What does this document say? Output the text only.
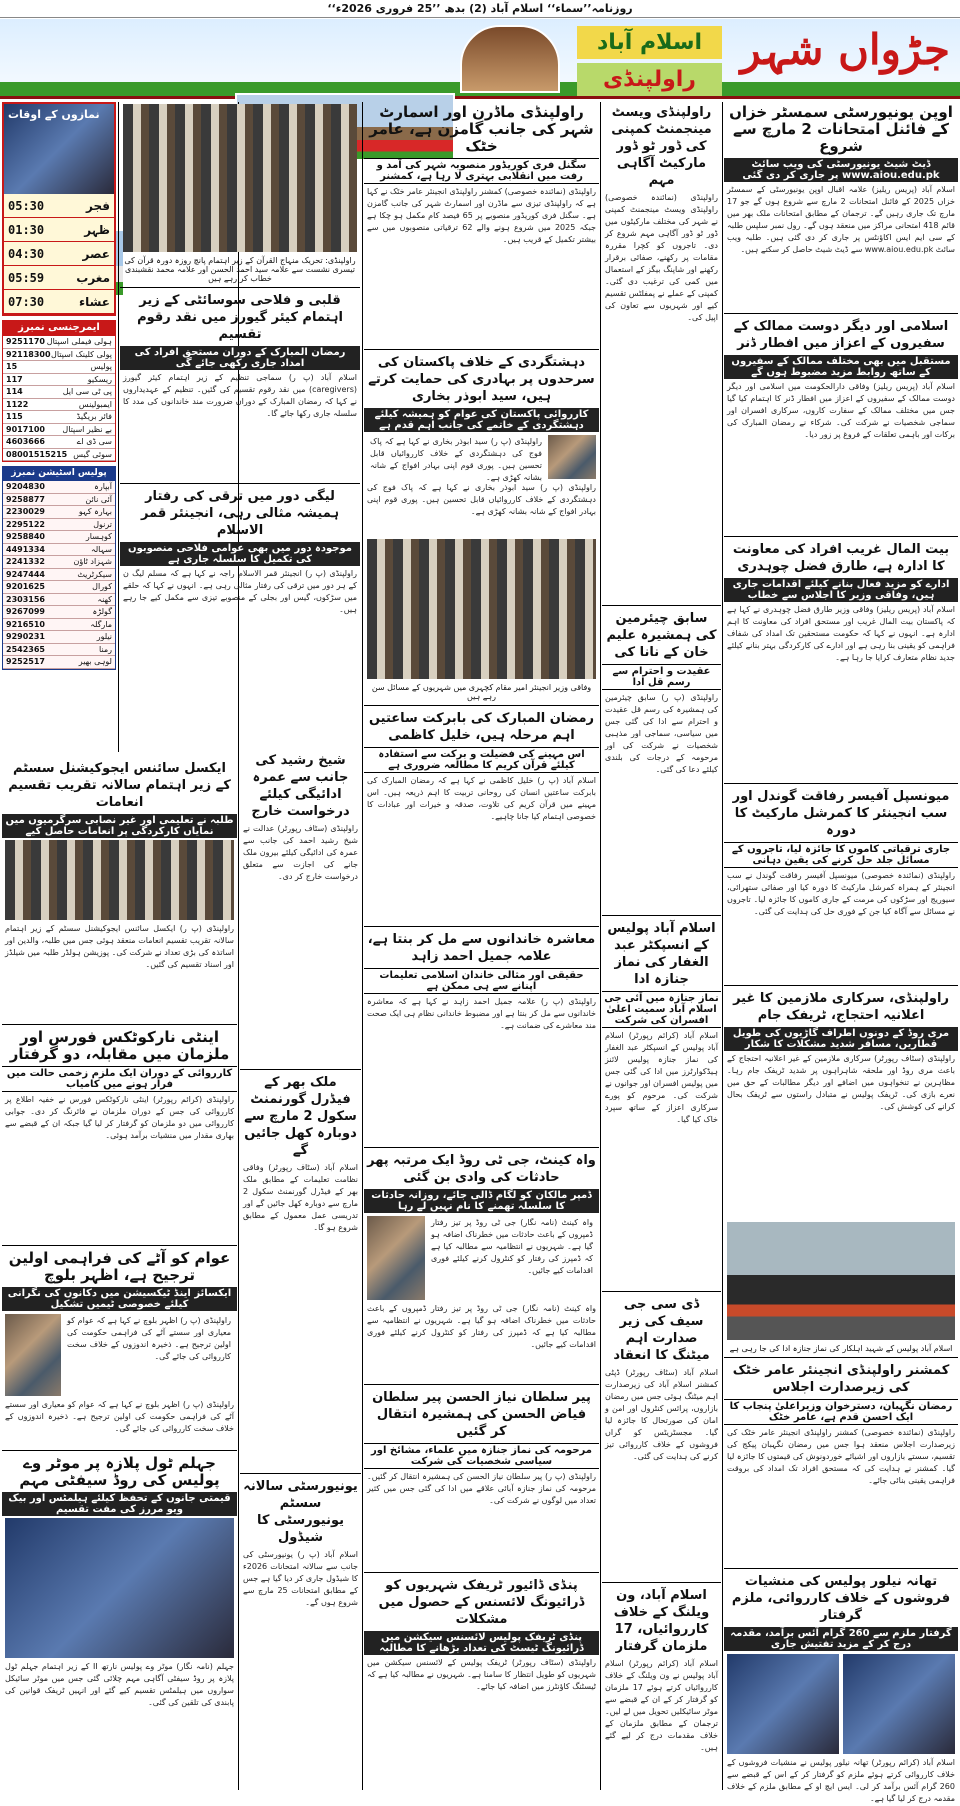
روزنامہ’’سماء‘‘ اسلام آباد (2) بدھ ’’25 فروری 2026ء‘‘
جڑواں شہر
اسلام آباد
راولپنڈی
اوپن یونیورسٹی سمسٹر خزاں کے فائنل امتحانات 2 مارچ سے شروع
ڈیٹ شیٹ یونیورسٹی کی ویب سائٹ www.aiou.edu.pk پر جاری کر دی گئی
اسلام آباد (پریس ریلیز) علامہ اقبال اوپن یونیورسٹی کے سمسٹر خزاں 2025 کے فائنل امتحانات 2 مارچ سے شروع ہوں گے جو 17 مارچ تک جاری رہیں گے۔ ترجمان کے مطابق امتحانات ملک بھر میں قائم 418 امتحانی مراکز میں منعقد ہوں گے۔ رول نمبر سلپس طلبہ کے سی ایم ایس اکاؤنٹس پر جاری کر دی گئی ہیں۔ طلبہ ویب سائٹ www.aiou.edu.pk سے ڈیٹ شیٹ حاصل کر سکتے ہیں۔
اسلامی اور دیگر دوست ممالک کے سفیروں کے اعزاز میں افطار ڈنر
مستقبل میں بھی مختلف ممالک کے سفیروں کے ساتھ روابط مزید مضبوط ہوں گے
اسلام آباد (پریس ریلیز) وفاقی دارالحکومت میں اسلامی اور دیگر دوست ممالک کے سفیروں کے اعزاز میں افطار ڈنر کا اہتمام کیا گیا جس میں مختلف ممالک کے سفارت کاروں، سرکاری افسران اور سماجی شخصیات نے شرکت کی۔ شرکاء نے رمضان المبارک کی برکات اور باہمی تعلقات کے فروغ پر زور دیا۔
بیت المال غریب افراد کی معاونت کا ادارہ ہے، طارق فضل چوہدری
ادارے کو مزید فعال بنانے کیلئے اقدامات جاری ہیں، وفاقی وزیر کا اجلاس سے خطاب
اسلام آباد (پریس ریلیز) وفاقی وزیر طارق فضل چوہدری نے کہا ہے کہ پاکستان بیت المال غریب اور مستحق افراد کی معاونت کا اہم ادارہ ہے۔ انہوں نے کہا کہ حکومت مستحقین تک امداد کی شفاف فراہمی کو یقینی بنا رہی ہے اور ادارے کی کارکردگی بہتر بنانے کیلئے جدید نظام متعارف کرایا جا رہا ہے۔
میونسپل آفیسر رفاقت گوندل اور سب انجینئر کا کمرشل مارکیٹ کا دورہ
جاری ترقیاتی کاموں کا جائزہ لیا، تاجروں کے مسائل جلد حل کرنے کی یقین دہانی
راولپنڈی (نمائندہ خصوصی) میونسپل آفیسر رفاقت گوندل نے سب انجینئر کے ہمراہ کمرشل مارکیٹ کا دورہ کیا اور صفائی ستھرائی، سیوریج اور سڑکوں کی مرمت کے جاری کاموں کا جائزہ لیا۔ تاجروں نے مسائل سے آگاہ کیا جن کے فوری حل کی ہدایت کی گئی۔
راولپنڈی، سرکاری ملازمین کا غیر اعلانیہ احتجاج، ٹریفک جام
مری روڈ کے دونوں اطراف گاڑیوں کی طویل قطاریں، مسافر شدید مشکلات کا شکار
راولپنڈی (سٹاف رپورٹر) سرکاری ملازمین کے غیر اعلانیہ احتجاج کے باعث مری روڈ اور ملحقہ شاہراہوں پر شدید ٹریفک جام رہا۔ مظاہرین نے تنخواہوں میں اضافے اور دیگر مطالبات کے حق میں نعرے بازی کی۔ ٹریفک پولیس نے متبادل راستوں سے ٹریفک بحال کرانے کی کوشش کی۔
اسلام آباد پولیس کے شہید اہلکار کی نماز جنازہ ادا کی جا رہی ہے
کمشنر راولپنڈی انجینئر عامر خٹک کی زیرصدارت اجلاس
رمضان نگہبان، دسترخوان وزیراعلیٰ پنجاب کا ایک احسن قدم ہے، عامر خٹک
راولپنڈی (نمائندہ خصوصی) کمشنر راولپنڈی انجینئر عامر خٹک کی زیرصدارت اجلاس منعقد ہوا جس میں رمضان نگہبان پیکج کی تقسیم، سستے بازاروں اور اشیائے خوردونوش کی قیمتوں کا جائزہ لیا گیا۔ کمشنر نے ہدایت کی کہ مستحق افراد تک امداد کی بروقت فراہمی یقینی بنائی جائے۔
تھانہ نیلور پولیس کی منشیات فروشوں کے خلاف کارروائی، ملزم گرفتار
گرفتار ملزم سے 260 گرام آئس برآمد، مقدمہ درج کر کے مزید تفتیش جاری
اسلام آباد (کرائم رپورٹر) تھانہ نیلور پولیس نے منشیات فروشوں کے خلاف کارروائی کرتے ہوئے ملزم کو گرفتار کر کے اس کے قبضے سے 260 گرام آئس برآمد کر لی۔ ایس ایچ او کے مطابق ملزم کے خلاف مقدمہ درج کر لیا گیا ہے۔
راولپنڈی ویسٹ مینجمنٹ کمپنی کی ڈور ٹو ڈور مارکیٹ آگاہی مہم
راولپنڈی (نمائندہ خصوصی) راولپنڈی ویسٹ مینجمنٹ کمپنی نے شہر کی مختلف مارکیٹوں میں ڈور ٹو ڈور آگاہی مہم شروع کر دی۔ تاجروں کو کچرا مقررہ مقامات پر رکھنے، صفائی برقرار رکھنے اور شاپنگ بیگز کے استعمال میں کمی کی ترغیب دی گئی۔ کمپنی کے عملے نے پمفلٹس تقسیم کیے اور شہریوں سے تعاون کی اپیل کی۔
سابق چیئرمین کی ہمشیرہ علیم خان کے نانا کی
عقیدت و احترام سے رسم قل ادا
راولپنڈی (پ ر) سابق چیئرمین کی ہمشیرہ کی رسم قل عقیدت و احترام سے ادا کی گئی جس میں سیاسی، سماجی اور مذہبی شخصیات نے شرکت کی اور مرحومہ کے درجات کی بلندی کیلئے دعا کی گئی۔
اسلام آباد پولیس کے انسپکٹر عبد الغفار کی نماز جنازہ ادا
نماز جنازہ میں آئی جی اسلام آباد سمیت اعلیٰ افسران کی شرکت
اسلام آباد (کرائم رپورٹر) اسلام آباد پولیس کے انسپکٹر عبد الغفار کی نماز جنازہ پولیس لائنز ہیڈکوارٹرز میں ادا کی گئی جس میں پولیس افسران اور جوانوں نے شرکت کی۔ مرحوم کو پورے سرکاری اعزاز کے ساتھ سپرد خاک کیا گیا۔
ڈی سی جی سیف کی زیر صدارت اہم میٹنگ کا انعقاد
اسلام آباد (سٹاف رپورٹر) ڈپٹی کمشنر اسلام آباد کی زیرصدارت اہم میٹنگ ہوئی جس میں رمضان بازاروں، پرائس کنٹرول اور امن و امان کی صورتحال کا جائزہ لیا گیا۔ مجسٹریٹس کو گراں فروشوں کے خلاف کارروائی تیز کرنے کی ہدایت کی گئی۔
اسلام آباد، ون ویلنگ کے خلاف کارروائیاں، 17 ملزمان گرفتار
اسلام آباد (کرائم رپورٹر) اسلام آباد پولیس نے ون ویلنگ کے خلاف کارروائیاں کرتے ہوئے 17 ملزمان کو گرفتار کر کے ان کے قبضے سے موٹر سائیکلیں تحویل میں لے لیں۔ ترجمان کے مطابق ملزمان کے خلاف مقدمات درج کر لیے گئے ہیں۔
راولپنڈی ماڈرن اور اسمارٹ شہر کی جانب گامزن ہے، عامر خٹک
سگنل فری کوریڈور منصوبہ شہر کی آمد و رفت میں انقلابی بہتری لا رہا ہے، کمشنر
راولپنڈی (نمائندہ خصوصی) کمشنر راولپنڈی انجینئر عامر خٹک نے کہا ہے کہ راولپنڈی تیزی سے ماڈرن اور اسمارٹ شہر کی جانب گامزن ہے۔ سگنل فری کوریڈور منصوبے پر 65 فیصد کام مکمل ہو چکا ہے جبکہ 2025 میں شروع ہونے والے 62 ترقیاتی منصوبوں میں سے بیشتر تکمیل کے قریب ہیں۔
دہشتگردی کے خلاف پاکستان کی سرحدوں پر بہادری کی حمایت کرتے ہیں، سید ابوذر بخاری
کارروائی پاکستان کی عوام کو ہمیشہ کیلئے دہشتگردی کے خاتمے کی جانب اہم قدم ہے
راولپنڈی (پ ر) سید ابوذر بخاری نے کہا ہے کہ پاک فوج کی دہشتگردی کے خلاف کارروائیاں قابل تحسین ہیں۔ پوری قوم اپنی بہادر افواج کے شانہ بشانہ کھڑی ہے۔
راولپنڈی (پ ر) سید ابوذر بخاری نے کہا ہے کہ پاک فوج کی دہشتگردی کے خلاف کارروائیاں قابل تحسین ہیں۔ پوری قوم اپنی بہادر افواج کے شانہ بشانہ کھڑی ہے۔
وفاقی وزیر انجینئر امیر مقام کچہری میں شہریوں کے مسائل سن رہے ہیں
رمضان المبارک کی بابرکت ساعتیں اہم مرحلہ ہیں، خلیل کاظمی
اس مہینے کی فضیلت و برکت سے استفادہ کیلئے قرآن کریم کا مطالعہ ضروری ہے
اسلام آباد (پ ر) خلیل کاظمی نے کہا ہے کہ رمضان المبارک کی بابرکت ساعتیں انسان کی روحانی تربیت کا اہم ذریعہ ہیں۔ اس مہینے میں قرآن کریم کی تلاوت، صدقہ و خیرات اور عبادات کا خصوصی اہتمام کیا جانا چاہیے۔
معاشرہ خاندانوں سے مل کر بنتا ہے، علامہ جمیل احمد زاہد
حقیقی اور مثالی خاندان اسلامی تعلیمات اپنانے سے ہی ممکن ہے
راولپنڈی (پ ر) علامہ جمیل احمد زاہد نے کہا ہے کہ معاشرہ خاندانوں سے مل کر بنتا ہے اور مضبوط خاندانی نظام ہی ایک صحت مند معاشرے کی ضمانت ہے۔
واہ کینٹ، جی ٹی روڈ ایک مرتبہ پھر حادثات کی وادی بن گئی
ڈمپر مالکان کو لگام ڈالی جائے، روزانہ حادثات کا سلسلہ تھمنے کا نام نہیں لے رہا
واہ کینٹ (نامہ نگار) جی ٹی روڈ پر تیز رفتار ڈمپروں کے باعث حادثات میں خطرناک اضافہ ہو گیا ہے۔ شہریوں نے انتظامیہ سے مطالبہ کیا ہے کہ ڈمپرز کی رفتار کو کنٹرول کرنے کیلئے فوری اقدامات کیے جائیں۔
واہ کینٹ (نامہ نگار) جی ٹی روڈ پر تیز رفتار ڈمپروں کے باعث حادثات میں خطرناک اضافہ ہو گیا ہے۔ شہریوں نے انتظامیہ سے مطالبہ کیا ہے کہ ڈمپرز کی رفتار کو کنٹرول کرنے کیلئے فوری اقدامات کیے جائیں۔
پیر سلطان نیاز الحسن پیر سلطان فیاض الحسن کی ہمشیرہ انتقال کر گئیں
مرحومہ کی نماز جنازہ میں علماء، مشائخ اور سیاسی شخصیات کی شرکت
راولپنڈی (پ ر) پیر سلطان نیاز الحسن کی ہمشیرہ انتقال کر گئیں۔ مرحومہ کی نماز جنازہ آبائی علاقے میں ادا کی گئی جس میں کثیر تعداد میں لوگوں نے شرکت کی۔
پنڈی ڈائیور ٹریفک شہریوں کو ڈرائیونگ لائسنس کے حصول میں مشکلات
پنڈی ٹریفک پولیس لائسنس سیکشن میں ڈرائیونگ ٹیسٹ کی تعداد بڑھانے کا مطالبہ
راولپنڈی (سٹاف رپورٹر) ٹریفک پولیس کے لائسنس سیکشن میں شہریوں کو طویل انتظار کا سامنا ہے۔ شہریوں نے مطالبہ کیا ہے کہ ٹیسٹنگ کاؤنٹرز میں اضافہ کیا جائے۔
راولپنڈی: تحریک منہاج القرآن کے زیر اہتمام پانچ روزہ دورہ قرآن کی تیسری نشست سے علامہ سید احمد الحسن اور علامہ محمد نقشبندی خطاب کر رہے ہیں
قلبی و فلاحی سوسائٹی کے زیر اہتمام کیئر گیورز میں نقد رقوم تقسیم
رمضان المبارک کے دوران مستحق افراد کی امداد جاری رکھی جائے گی
اسلام آباد (پ ر) سماجی تنظیم کے زیر اہتمام کیئر گیورز (caregivers) میں نقد رقوم تقسیم کی گئیں۔ تنظیم کے عہدیداروں نے کہا کہ رمضان المبارک کے دوران ضرورت مند خاندانوں کی مدد کا سلسلہ جاری رکھا جائے گا۔
لیگی دور میں ترقی کی رفتار ہمیشہ مثالی رہی، انجینئر قمر الاسلام
موجودہ دور میں بھی عوامی فلاحی منصوبوں کی تکمیل کا سلسلہ جاری ہے
راولپنڈی (پ ر) انجینئر قمر الاسلام راجہ نے کہا ہے کہ مسلم لیگ ن کے ہر دور میں ترقی کی رفتار مثالی رہی ہے۔ انہوں نے کہا کہ حلقے میں سڑکوں، گیس اور بجلی کے منصوبے تیزی سے مکمل کیے جا رہے ہیں۔
شیخ رشید کی جانب سے عمرہ ادائیگی کیلئے درخواست خارج
راولپنڈی (سٹاف رپورٹر) عدالت نے شیخ رشید احمد کی جانب سے عمرہ کی ادائیگی کیلئے بیرون ملک جانے کی اجازت سے متعلق درخواست خارج کر دی۔
ملک بھر کے فیڈرل گورنمنٹ سکول 2 مارچ سے دوبارہ کھل جائیں گے
اسلام آباد (سٹاف رپورٹر) وفاقی نظامت تعلیمات کے مطابق ملک بھر کے فیڈرل گورنمنٹ سکول 2 مارچ سے دوبارہ کھل جائیں گے اور تدریسی عمل معمول کے مطابق شروع ہو گا۔
یونیورسٹی سالانہ سسٹم یونیورسٹی کا شیڈول
اسلام آباد (پ ر) یونیورسٹی کی جانب سے سالانہ امتحانات 2026ء کا شیڈول جاری کر دیا گیا ہے جس کے مطابق امتحانات 25 مارچ سے شروع ہوں گے۔
نمازوں کے اوقات
فجر
05:30
ظہر
01:30
عصر
04:30
مغرب
05:59
عشاء
07:30
ایمرجنسی نمبرز
ہولی فیملی اسپتال
9251170
پولی کلینک اسپتال
92118300
پولیس
15
ریسکیو
117
پی ٹی سی ایل
114
ایمبولینس
1122
فائر بریگیڈ
115
بے نظیر اسپتال
9017100
سی ڈی اے
4603666
سوئی گیس
08001515215
پولیس اسٹیشن نمبرز
آبپارہ
9204830
آئی نائن
9258877
بہارہ کہو
2230029
ترنول
2295122
کوہسار
9258840
سہالہ
4491334
شہزاد ٹاؤن
2241332
سیکرٹریٹ
9247444
کورال
9201625
کھنہ
2303156
گولڑہ
9267099
مارگلہ
9216510
نیلور
9290231
رمنا
2542365
لوہی بھیر
9252517
ایکسل سائنس ایجوکیشنل سسٹم کے زیر اہتمام سالانہ تقریب تقسیم انعامات
طلبہ نے تعلیمی اور غیر نصابی سرگرمیوں میں نمایاں کارکردگی پر انعامات حاصل کیے
راولپنڈی (پ ر) ایکسل سائنس ایجوکیشنل سسٹم کے زیر اہتمام سالانہ تقریب تقسیم انعامات منعقد ہوئی جس میں طلبہ، والدین اور اساتذہ کی بڑی تعداد نے شرکت کی۔ پوزیشن ہولڈر طلبہ میں شیلڈز اور اسناد تقسیم کی گئیں۔
اینٹی نارکوٹکس فورس اور ملزمان میں مقابلہ، دو گرفتار
کارروائی کے دوران ایک ملزم زخمی حالت میں فرار ہونے میں کامیاب
راولپنڈی (کرائم رپورٹر) اینٹی نارکوٹکس فورس نے خفیہ اطلاع پر کارروائی کی جس کے دوران ملزمان نے فائرنگ کر دی۔ جوابی کارروائی میں دو ملزمان کو گرفتار کر لیا گیا جبکہ ان کے قبضے سے بھاری مقدار میں منشیات برآمد ہوئی۔
عوام کو آٹے کی فراہمی اولین ترجیح ہے، اظہر بلوچ
ایکسائز اینڈ ٹیکسیشن میں دکانوں کی نگرانی کیلئے خصوصی ٹیمیں تشکیل
راولپنڈی (پ ر) اظہر بلوچ نے کہا ہے کہ عوام کو معیاری اور سستے آٹے کی فراہمی حکومت کی اولین ترجیح ہے۔ ذخیرہ اندوزوں کے خلاف سخت کارروائی کی جائے گی۔
راولپنڈی (پ ر) اظہر بلوچ نے کہا ہے کہ عوام کو معیاری اور سستے آٹے کی فراہمی حکومت کی اولین ترجیح ہے۔ ذخیرہ اندوزوں کے خلاف سخت کارروائی کی جائے گی۔
جہلم ٹول پلازہ پر موٹر وے پولیس کی روڈ سیفٹی مہم
قیمتی جانوں کے تحفظ کیلئے ہیلمٹس اور بیک ویو مررز کی مفت تقسیم
جہلم (نامہ نگار) موٹر وے پولیس نارتھ II کے زیر اہتمام جہلم ٹول پلازہ پر روڈ سیفٹی آگاہی مہم چلائی گئی جس میں موٹر سائیکل سواروں میں ہیلمٹس تقسیم کیے گئے اور انہیں ٹریفک قوانین کی پابندی کی تلقین کی گئی۔
